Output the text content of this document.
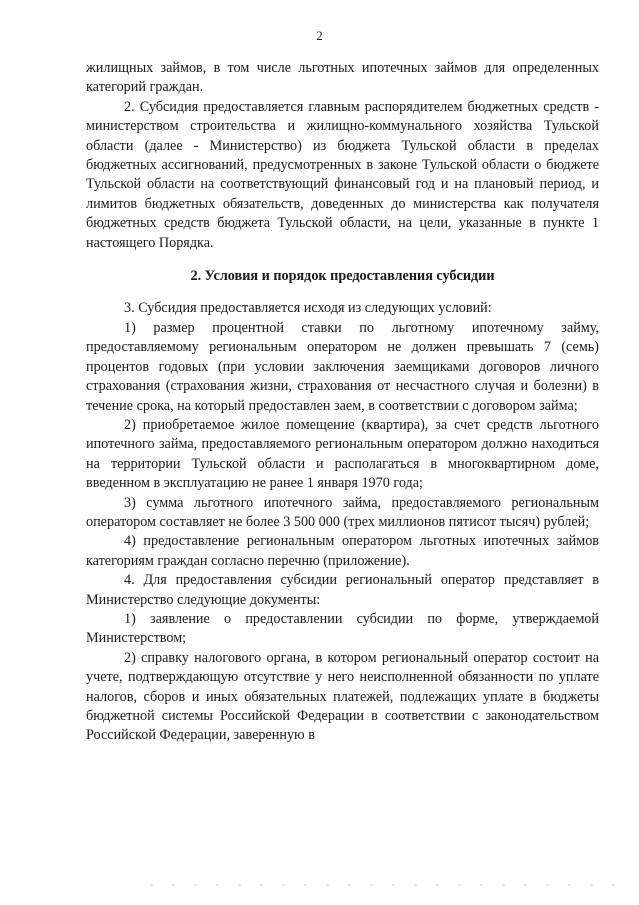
2

жилищных займов, в том числе льготных ипотечных займов для определенных категорий граждан.

2. Субсидия предоставляется главным распорядителем бюджетных средств - министерством строительства и жилищно-коммунального хозяйства Тульской области (далее - Министерство) из бюджета Тульской области в пределах бюджетных ассигнований, предусмотренных в законе Тульской области о бюджете Тульской области на соответствующий финансовый год и на плановый период, и лимитов бюджетных обязательств, доведенных до министерства как получателя бюджетных средств бюджета Тульской области, на цели, указанные в пункте 1 настоящего Порядка.

2. Условия и порядок предоставления субсидии

3. Субсидия предоставляется исходя из следующих условий:

1) размер процентной ставки по льготному ипотечному займу, предоставляемому региональным оператором не должен превышать 7 (семь) процентов годовых (при условии заключения заемщиками договоров личного страхования (страхования жизни, страхования от несчастного случая и болезни) в течение срока, на который предоставлен заем, в соответствии с договором займа;

2) приобретаемое жилое помещение (квартира), за счет средств льготного ипотечного займа, предоставляемого региональным оператором должно находиться на территории Тульской области и располагаться в многоквартирном доме, введенном в эксплуатацию не ранее 1 января 1970 года;

3) сумма льготного ипотечного займа, предоставляемого региональным оператором составляет не более 3 500 000 (трех миллионов пятисот тысяч) рублей;

4) предоставление региональным оператором льготных ипотечных займов категориям граждан согласно перечню (приложение).

4. Для предоставления субсидии региональный оператор представляет в Министерство следующие документы:

1) заявление о предоставлении субсидии по форме, утверждаемой Министерством;

2) справку налогового органа, в котором региональный оператор состоит на учете, подтверждающую отсутствие у него неисполненной обязанности по уплате налогов, сборов и иных обязательных платежей, подлежащих уплате в бюджеты бюджетной системы Российской Федерации в соответствии с законодательством Российской Федерации, заверенную в
